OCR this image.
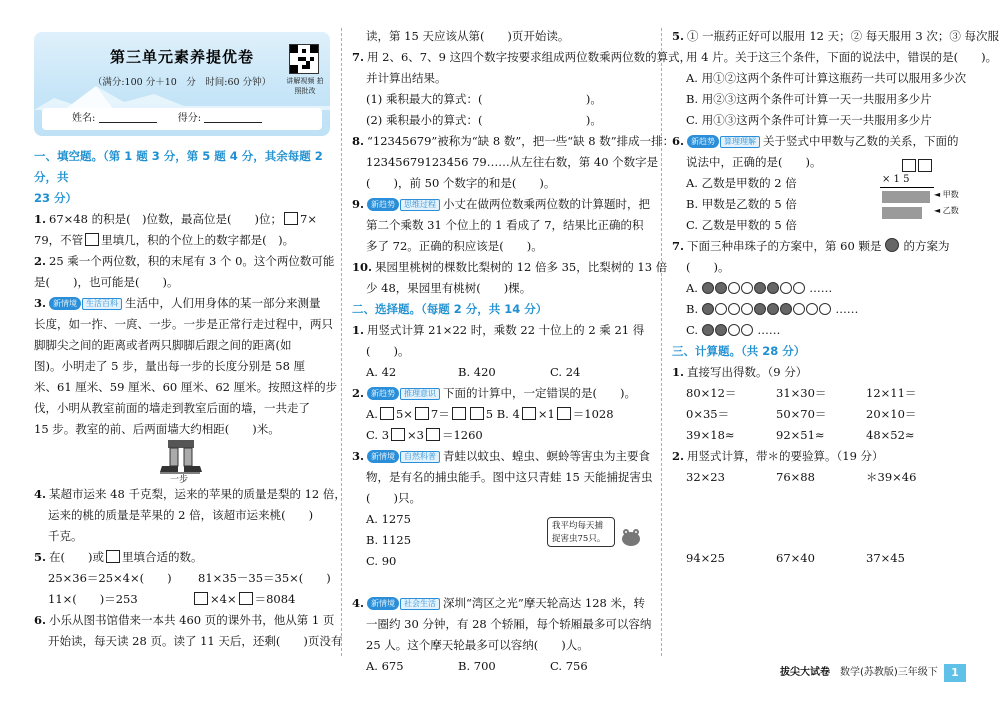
第三单元素养提优卷
（满分:100 分＋10　分　时间:60 分钟）	讲解视频 拍照批改
姓名:	得分:
一、填空题。（第 1 题 3 分，第 5 题 4 分，其余每题 2 分，共
23 分）
1. 67×48 的积是(　)位数，最高位是(　　)位； 7×
79，不管 里填几，积的个位上的数字都是(　)。
2. 25 乘一个两位数，积的末尾有 3 个 0。这个两位数可能
是(　　)，也可能是(　　)。
3. 新情境 生活百科 生活中，人们用身体的某一部分来测量
长度，如一拃、一庹、一步。一步是正常行走过程中，两只
脚脚尖之间的距离或者两只脚脚后跟之间的距离(如
图)。小明走了 5 步，量出每一步的长度分别是 58 厘
米、61 厘米、59 厘米、60 厘米、62 厘米。按照这样的步
伐，小明从教室前面的墙走到教室后面的墙，一共走了
15 步。教室的前、后两面墙大约相距(　　)米。
一步
4. 某超市运来 48 千克梨，运来的苹果的质量是梨的 12 倍，
运来的桃的质量是苹果的 2 倍，该超市运来桃(　　)
千克。
5. 在(　　)或 里填合适的数。
25×36＝25×4×(　　)	81×35－35＝35×(　　)
11×(　　)＝253	×4× ＝8084
6. 小乐从图书馆借来一本共 460 页的课外书，他从第 1 页
开始读，每天读 28 页。读了 11 天后，还剩(　　)页没有
读，第 15 天应该从第(　　)页开始读。
7. 用 2、6、7、9 这四个数字按要求组成两位数乘两位数的算式，
并计算出结果。
(1) 乘积最大的算式：(　　　　　　　　　)。
(2) 乘积最小的算式：(　　　　　　　　　)。
8. “12345679”被称为“缺 8 数”，把一些“缺 8 数”排成一排：
12345679123456 79……从左往右数，第 40 个数字是
(　　)，前 50 个数字的和是(　　)。
9. 新趋势 思维过程 小丈在做两位数乘两位数的计算题时，把
第二个乘数 31 个位上的 1 看成了 7，结果比正确的积
多了 72。正确的积应该是(　　)。
10. 果园里桃树的棵数比梨树的 12 倍多 35，比梨树的 13 倍
少 48，果园里有桃树(　　)棵。
二、选择题。（每题 2 分，共 14 分）
1. 用竖式计算 21×22 时，乘数 22 十位上的 2 乘 21 得
(　　)。
A. 42	B. 420	C. 24
2. 新趋势 推理意识 下面的计算中，一定错误的是(　　)。
A. 5× 7＝	5 B. 4 ×1 ＝1028
C. 3 ×3 ＝1260
3. 新情境 自然科普 青蛙以蚊虫、蝗虫、螟蛉等害虫为主要食
物，是有名的捕虫能手。图中这只青蛙 15 天能捕捉害虫
(　　)只。
A. 1275
B. 1125
C. 90
我平均每天捕捉害虫75只。
4. 新情境 社会生活 深圳“湾区之光”摩天轮高达 128 米，转
一圈约 30 分钟，有 28 个轿厢，每个轿厢最多可以容纳
25 人。这个摩天轮最多可以容纳(　　)人。
A. 675	B. 700	C. 756
5. ① 一瓶药正好可以服用 12 天；② 每天服用 3 次；③ 每次服
用 4 片。关于这三个条件，下面的说法中，错误的是(　　)。
A. 用①②这两个条件可计算这瓶药一共可以服用多少次
B. 用②③这两个条件可计算一天一共服用多少片
C. 用①③这两个条件可计算一天一共服用多少片
6. 新趋势 算理理解 关于竖式中甲数与乙数的关系，下面的
说法中，正确的是(　　)。
A. 乙数是甲数的 2 倍
B. 甲数是乙数的 5 倍
C. 乙数是甲数的 5 倍
× 1 5
◄ 甲数
◄ 乙数
7. 下面三种串珠子的方案中，第 60 颗是 的方案为
(　　)。
A.	……
B.	……
C.	……
三、计算题。（共 28 分）
1. 直接写出得数。（9 分）
80×12＝	31×30＝	12×11＝
0×35＝	50×70＝	20×10＝
39×18≈	92×51≈	48×52≈
2. 用竖式计算，带＊的要验算。（19 分）
32×23	76×88	＊39×46
94×25	67×40	37×45
拔尖大试卷　 数学(苏教版)三年级下	1
